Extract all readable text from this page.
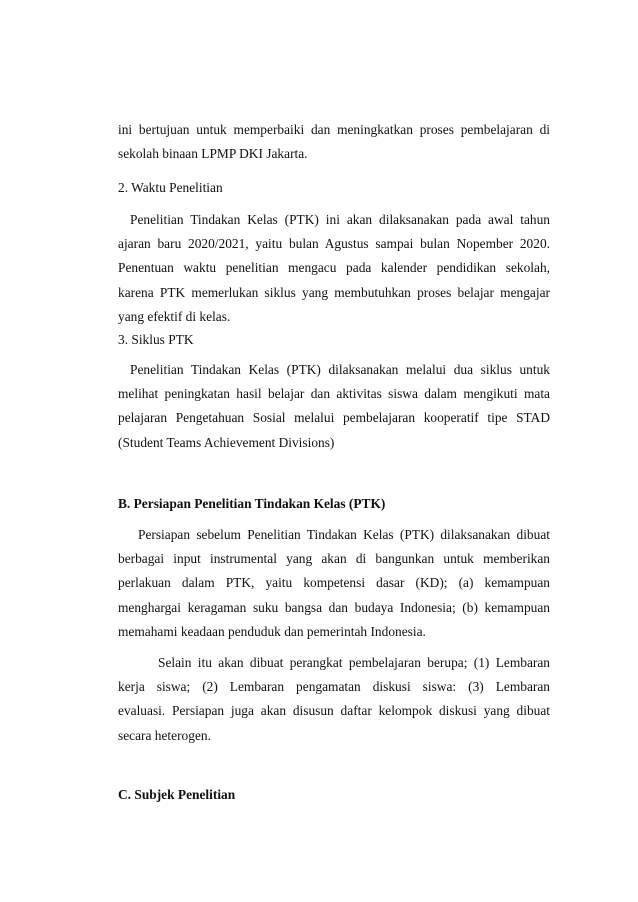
ini bertujuan untuk memperbaiki dan meningkatkan proses pembelajaran di
sekolah binaan LPMP DKI Jakarta.
2. Waktu Penelitian
Penelitian Tindakan Kelas (PTK) ini akan dilaksanakan pada awal tahun
ajaran baru 2020/2021, yaitu bulan Agustus sampai bulan Nopember 2020.
Penentuan waktu penelitian mengacu pada kalender pendidikan sekolah,
karena PTK memerlukan siklus yang membutuhkan proses belajar mengajar
yang efektif di kelas.
3. Siklus PTK
Penelitian Tindakan Kelas (PTK) dilaksanakan melalui dua siklus untuk
melihat peningkatan hasil belajar dan aktivitas siswa dalam mengikuti mata
pelajaran Pengetahuan Sosial melalui pembelajaran kooperatif tipe STAD
(Student Teams Achievement Divisions)
B. Persiapan Penelitian Tindakan Kelas (PTK)
Persiapan sebelum Penelitian Tindakan Kelas (PTK) dilaksanakan dibuat
berbagai input instrumental yang akan di bangunkan untuk memberikan
perlakuan dalam PTK, yaitu kompetensi dasar (KD); (a) kemampuan
menghargai keragaman suku bangsa dan budaya Indonesia; (b) kemampuan
memahami keadaan penduduk dan pemerintah Indonesia.
Selain itu akan dibuat perangkat pembelajaran berupa; (1) Lembaran
kerja siswa; (2) Lembaran pengamatan diskusi siswa: (3) Lembaran
evaluasi. Persiapan juga akan disusun daftar kelompok diskusi yang dibuat
secara heterogen.
C. Subjek Penelitian
